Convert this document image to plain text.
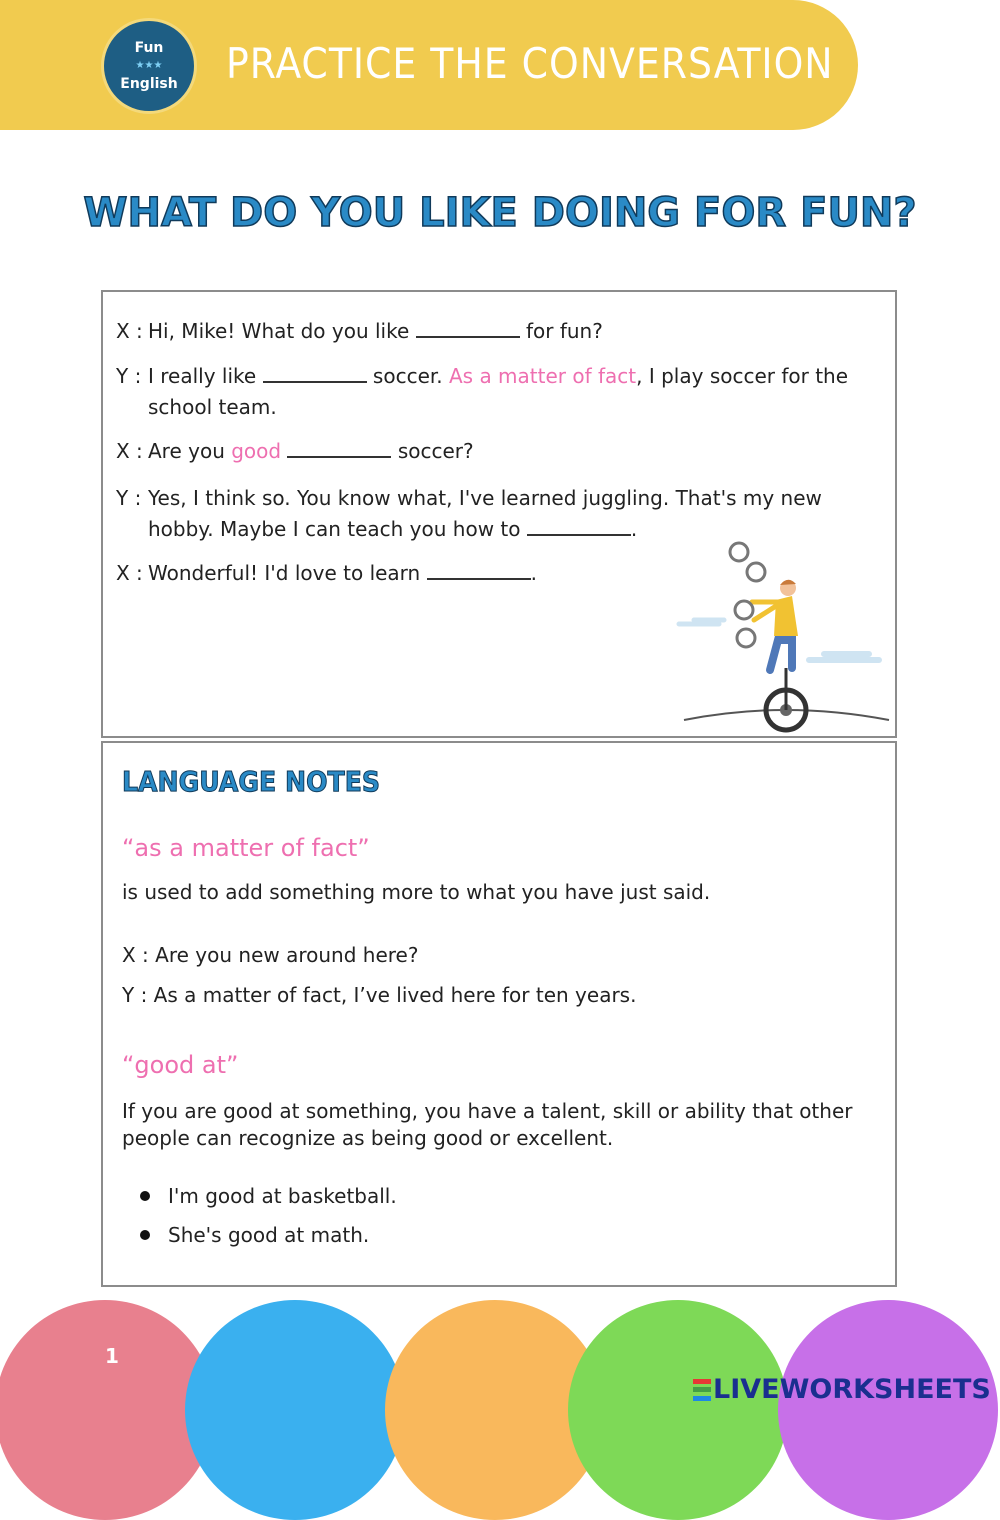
Fun
★★★
English PRACTICE THE CONVERSATION
WHAT DO YOU LIKE DOING FOR FUN?
X : Hi, Mike! What do you like	for fun?
Y : I really like	soccer. As a matter of fact, I play soccer for the school team.
X : Are you good	soccer?
Y : Yes, I think so. You know what, I've learned juggling. That's my new hobby. Maybe I can teach you how to	.
X : Wonderful! I'd love to learn	.
LANGUAGE NOTES
“as a matter of fact”
is used to add something more to what you have just said.
X : Are you new around here?
Y : As a matter of fact, I’ve lived here for ten years.
“good at”
If you are good at something, you have a talent, skill or ability that other people can recognize as being good or excellent.
I'm good at basketball.
She's good at math.
1
LIVEWORKSHEETS
